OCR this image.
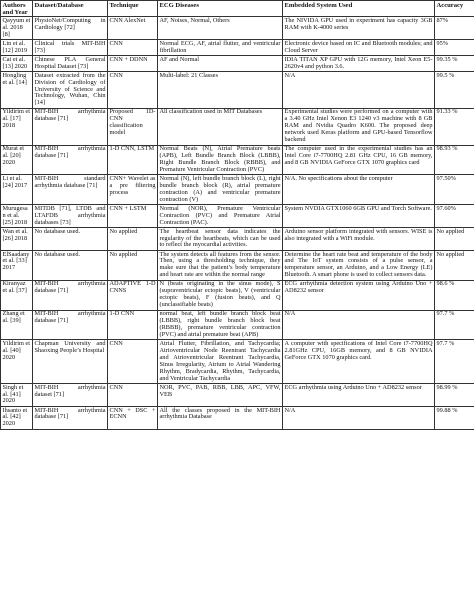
Authors and Year	Dataset/Database	Technique	ECG Diseases	Embedded System Used	Accuracy
Qayyum et al. 2018 [8]	PhysioNet/Computing in Cardiology [72]	CNN AlexNet	AF, Noises, Normal, Others	The NIVIDA GPU used in experiment has capacity 3GB RAM with K-4000 series	87%
Lin et al. [12] 2019	Clinical trials MIT-BIH [73]	CNN	Normal ECG, AF, atrial flutter, and ventricular fibrillation	Electronic device based on IC and Bluetooth modules; and Cloud Server	95%
Cai et al. [13] 2020	Chinese PLA General Hospital Dataset [73]	CNN + DDNN	AF and Normal	IDIA TITAN XP GPU with 12G memory, Intel Xeon E5-2620v4 and python 3.6.	99.35 %
Hongling et al. [14]	Dataset extracted from the Division of Cardiology of University of Science and Technology, Wuhan, Chin [14]	CNN	Multi-label: 21 Classes	N/A	99.5 %
Yildirim et al. [17] 2018	MIT-BIH arrhythmia database [71]	Proposed 1D-CNN classification model	All classification used in MIT Databases	Experimental studies were performed on a computer with a 3.40 GHz Intel Xenon E3 1240 v3 machine with 8 GB RAM and Nvidia Quadro K600. The proposed deep network used Keras platform and GPU-based Tensorflow backend	91.33 %
Murat et al. [20] 2020	MIT-BIH arrhythmia database [71]	1-D CNN, LSTM	Normal Beats (N), Atrial Premature beats (APB), Left Bundle Branch Block (LBBB), Right Bundle Branch Block (RBBB), and Premature Ventricular Contraction (PVC)	The computer used in the experimental studies has an Intel Core i7-7700HQ 2.81 GHz CPU, 16 GB memory, and 8 GB NVIDIA GeForce GTX 1070 graphics card	98.93 %
Li et al. [24] 2017	MIT-BIH standard arrhythmia database [71]	CNN+ Wavelet as a pre filtering process	Normal (N), left bundle branch block (L), right bundle branch block (R), atrial premature contraction (A) and ventricular premature contraction (V)	N/A. No specifications about the computer	97.50%
Murugesan et al. [25] 2018	MITDB [71], LTDB and LTAFDB arrhythmia databases [73]	CNN + LSTM	Normal (NOR), Premature Ventricular Contraction (PVC) and Premature Atrial Contraction (PAC).	System NVDIA GTX1060 6GB GPU and Torch Software.	97.60%
Wan et al. [26] 2018	No database used.	No applied	The heartbeat sensor data indicates the regularity of the heartbeats, which can be used to reflect the myocardial activities.	Arduino sensor platform integrated with sensors. WISE is also integrated with a WiFi module.	No applied
ElSaadany et al. [33] 2017	No database used.	No applied	The system detects all features from the sensor. Then, using a thresholding technique, they make sure that the patient’s body temperature and heart rate are within the normal range	Determine the heart rate beat and temperature of the body and The IoT system consists of a pulse sensor, a temperature sensor, an Arduino, and a Low Energy (LE) Bluetooth. A smart phone is used to collect sensors data.	No applied
Kiranyaz et al. [37]	MIT-BIH arrhythmia database [71]	ADAPTIVE 1-D CNNS	N (beats originating in the sinus mode), S (supraventricular ectopic beats), V (ventricular ectopic beats), F (fusion beats), and Q (unclassifiable beats)	ECG arrhythmia detection system using Arduino Uno + AD8232 sensor	98.6 %
Zhang et al. [39]	MIT-BIH arrhythmia database [71]	1-D CNN	normal beat, left bundle branch block beat (LBBB), right bundle branch block beat (RBBB), premature ventricular contraction (PVC) and atrial premature beat (APB)	N/A	97.7 %
Yildirim et al. [40] 2020	Chapman University and Shaoxing People’s Hospital	CNN	Atrial Flutter, Fibrillation, and Tachycardia; Atrioventricular Node Reentrant Tachycardia and Atrioventricular Reentrant Tachycardia, Sinus Irregularity, Atrium to Atrial Wandering Rhythm, Bradycardia, Rhythm, Tachycardia, and Ventricular Tachycardia	A computer with specifications of Intel Core i7-7700HQ 2.81GHz CPU, 16GB memory, and 8 GB NVIDIA GeForce GTX 1070 graphics card.	97.7 %
Singh et al. [41] 2020	MIT-BIH arrhythmia dataset [71]	CNN	NOR, PVC, PAB, RBB, LBB, APC, VFW, VEB	ECG arrhythmia using Arduino Uno + AD8232 sensor	98.99 %
Ihsanto et al. [42] 2020	MIT-BIH arrhythmia database [71]	CNN + DSC + ECNN	All the classes proposed in the MIT-BIH arrhythmia Database	N/A	99.88 %
